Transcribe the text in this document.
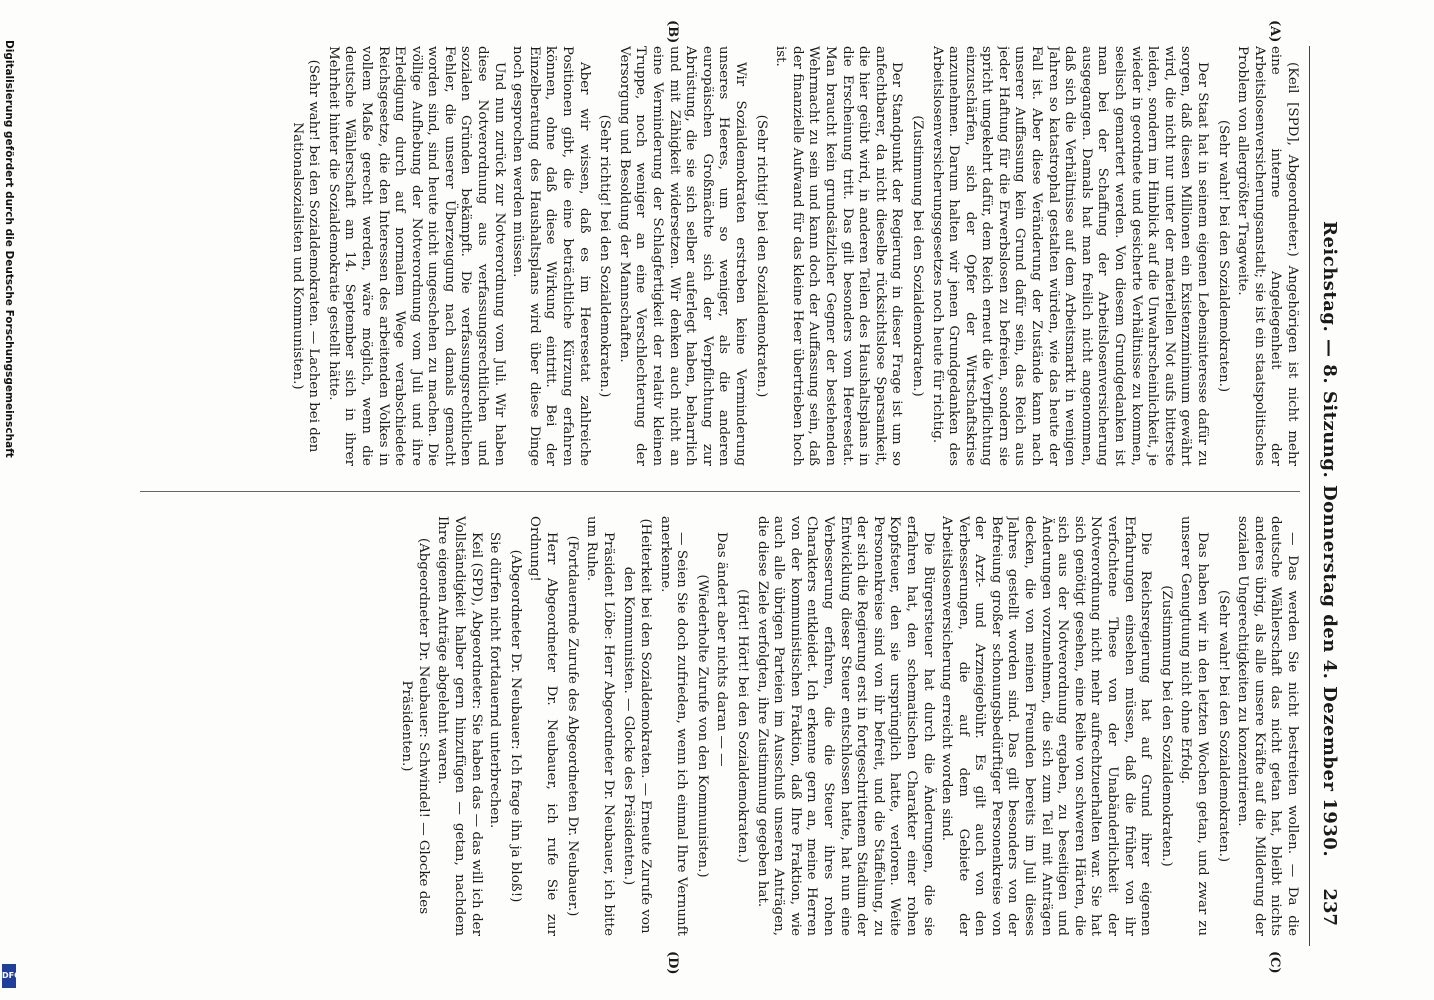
Reichstag. — 8. Sitzung. Donnerstag den 4. Dezember 1930.
237

(Keil [SPD], Abgeordneter.) Angehörigen ist nicht mehr eine interne Angelegenheit der Arbeitslosenversicherungsanstalt; sie ist ein staatspolitisches Problem von allergrößter Tragweite.

(Sehr wahr! bei den Sozialdemokraten.)

Der Staat hat in seinem eigenen Lebensinteresse dafür zu sorgen, daß diesen Millionen ein Existenzminimum gewährt wird, die nicht nur unter der materiellen Not aufs bitterste leiden, sondern im Hinblick auf die Unwahrscheinlichkeit, je wieder in geordnete und gesicherte Verhältnisse zu kommen, seelisch gemartert werden. Von diesem Grundgedanken ist man bei der Schaffung der Arbeitslosenversicherung ausgegangen. Damals hat man freilich nicht angenommen, daß sich die Verhältnisse auf dem Arbeitsmarkt in wenigen Jahren so katastrophal gestalten würden, wie das heute der Fall ist. Aber diese Veränderung der Zustände kann nach unserer Auffassung kein Grund dafür sein, das Reich aus jeder Haftung für die Erwerbslosen zu befreien, sondern sie spricht umgekehrt dafür, dem Reich erneut die Verpflichtung einzuschärfen, sich der Opfer der Wirtschaftskrise anzunehmen. Darum halten wir jenen Grundgedanken des Arbeitslosenversicherungsgesetzes noch heute für richtig.

(Zustimmung bei den Sozialdemokraten.)

Der Standpunkt der Regierung in dieser Frage ist um so anfechtbarer, da nicht dieselbe rücksichtslose Sparsamkeit, die hier geübt wird, in anderen Teilen des Haushaltsplans in die Erscheinung tritt. Das gilt besonders vom Heeresetat. Man braucht kein grundsätzlicher Gegner der bestehenden Wehrmacht zu sein und kann doch der Auffassung sein, daß der finanzielle Aufwand für das kleine Heer übertrieben hoch ist.

(Sehr richtig! bei den Sozialdemokraten.)

Wir Sozialdemokraten erstreben keine Verminderung unseres Heeres, um so weniger, als die anderen europäischen Großmächte sich der Verpflichtung zur Abrüstung, die sie sich selber auferlegt haben, beharrlich und mit Zähigkeit widersetzen. Wir denken auch nicht an eine Verminderung der Schlagfertigkeit der relativ kleinen Truppe, noch weniger an eine Verschlechterung der Versorgung und Besoldung der Mannschaften.

(Sehr richtig! bei den Sozialdemokraten.)

Aber wir wissen, daß es im Heeresetat zahlreiche Positionen gibt, die eine beträchtliche Kürzung erfahren können, ohne daß diese Wirkung eintritt. Bei der Einzelberatung des Haushaltsplans wird über diese Dinge noch gesprochen werden müssen.

Und nun zurück zur Notverordnung vom Juli. Wir haben diese Notverordnung aus verfassungsrechtlichen und sozialen Gründen bekämpft. Die verfassungsrechtlichen Fehler, die unserer Überzeugung nach damals gemacht worden sind, sind heute nicht ungeschehen zu machen. Die völlige Aufhebung der Notverordnung vom Juli und ihre Erledigung durch auf normalem Wege verabschiedete Reichsgesetze, die den Interessen des arbeitenden Volkes in vollem Maße gerecht werden, wäre möglich, wenn die deutsche Wählerschaft am 14. September sich in ihrer Mehrheit hinter die Sozialdemokratie gestellt hätte.

(Sehr wahr! bei den Sozialdemokraten. — Lachen bei den Nationalsozialisten und Kommunisten.)

— Das werden Sie nicht bestreiten wollen. — Da die deutsche Wählerschaft das nicht getan hat, bleibt nichts anderes übrig, als alle unsere Kräfte auf die Milderung der sozialen Ungerechtigkeiten zu konzentrieren.

(Sehr wahr! bei den Sozialdemokraten.)

Das haben wir in den letzten Wochen getan, und zwar zu unserer Genugtuung nicht ohne Erfolg.

(Zustimmung bei den Sozialdemokraten.)

Die Reichsregierung hat auf Grund ihrer eigenen Erfahrungen einsehen müssen, daß die früher von ihr verfochtene These von der Unabänderlichkeit der Notverordnung nicht mehr aufrechtzuerhalten war. Sie hat sich genötigt gesehen, eine Reihe von schweren Härten, die sich aus der Notverordnung ergaben, zu beseitigen und Änderungen vorzunehmen, die sich zum Teil mit Anträgen decken, die von meinen Freunden bereits im Juli dieses Jahres gestellt worden sind. Das gilt besonders von der Befreiung großer schonungsbedürftiger Personenkreise von der Arzt- und Arzneigebühr. Es gilt auch von den Verbesserungen, die auf dem Gebiete der Arbeitslosenversicherung erreicht worden sind.

Die Bürgersteuer hat durch die Änderungen, die sie erfahren hat, den schematischen Charakter einer rohen Kopfsteuer, den sie ursprünglich hatte, verloren. Weite Personenkreise sind von ihr befreit, und die Staffelung, zu der sich die Regierung erst in fortgeschrittenem Stadium der Entwicklung dieser Steuer entschlossen hatte, hat nun eine Verbesserung erfahren, die die Steuer ihres rohen Charakters entkleidet. Ich erkenne gern an, meine Herren von der kommunistischen Fraktion, daß Ihre Fraktion, wie auch alle übrigen Parteien im Ausschuß unseren Anträgen, die diese Ziele verfolgten, ihre Zustimmung gegeben hat.

(Hört! Hört! bei den Sozialdemokraten.)

Das ändert aber nichts daran — —

(Wiederholte Zurufe von den Kommunisten.)

— Seien Sie doch zufrieden, wenn ich einmal Ihre Vernunft anerkenne.

(Heiterkeit bei den Sozialdemokraten. — Erneute Zurufe von den Kommunisten. — Glocke des Präsidenten.)

Präsident Löbe: Herr Abgeordneter Dr. Neubauer, ich bitte um Ruhe.

(Fortdauernde Zurufe des Abgeordneten Dr. Neubauer.)

Herr Abgeordneter Dr. Neubauer, ich rufe Sie zur Ordnung!

(Abgeordneter Dr. Neubauer: Ich frage ihn ja bloß!)

Sie dürfen nicht fortdauernd unterbrechen.

Keil (SPD), Abgeordneter: Sie haben das — das will ich der Vollständigkeit halber gern hinzufügen — getan, nachdem Ihre eigenen Anträge abgelehnt waren.

(Abgeordneter Dr. Neubauer: Schwindel! — Glocke des Präsidenten.)

(A)
(B)
(C)
(D)
Digitalisierung gefördert durch die Deutsche Forschungsgemeinschaft
DFG
